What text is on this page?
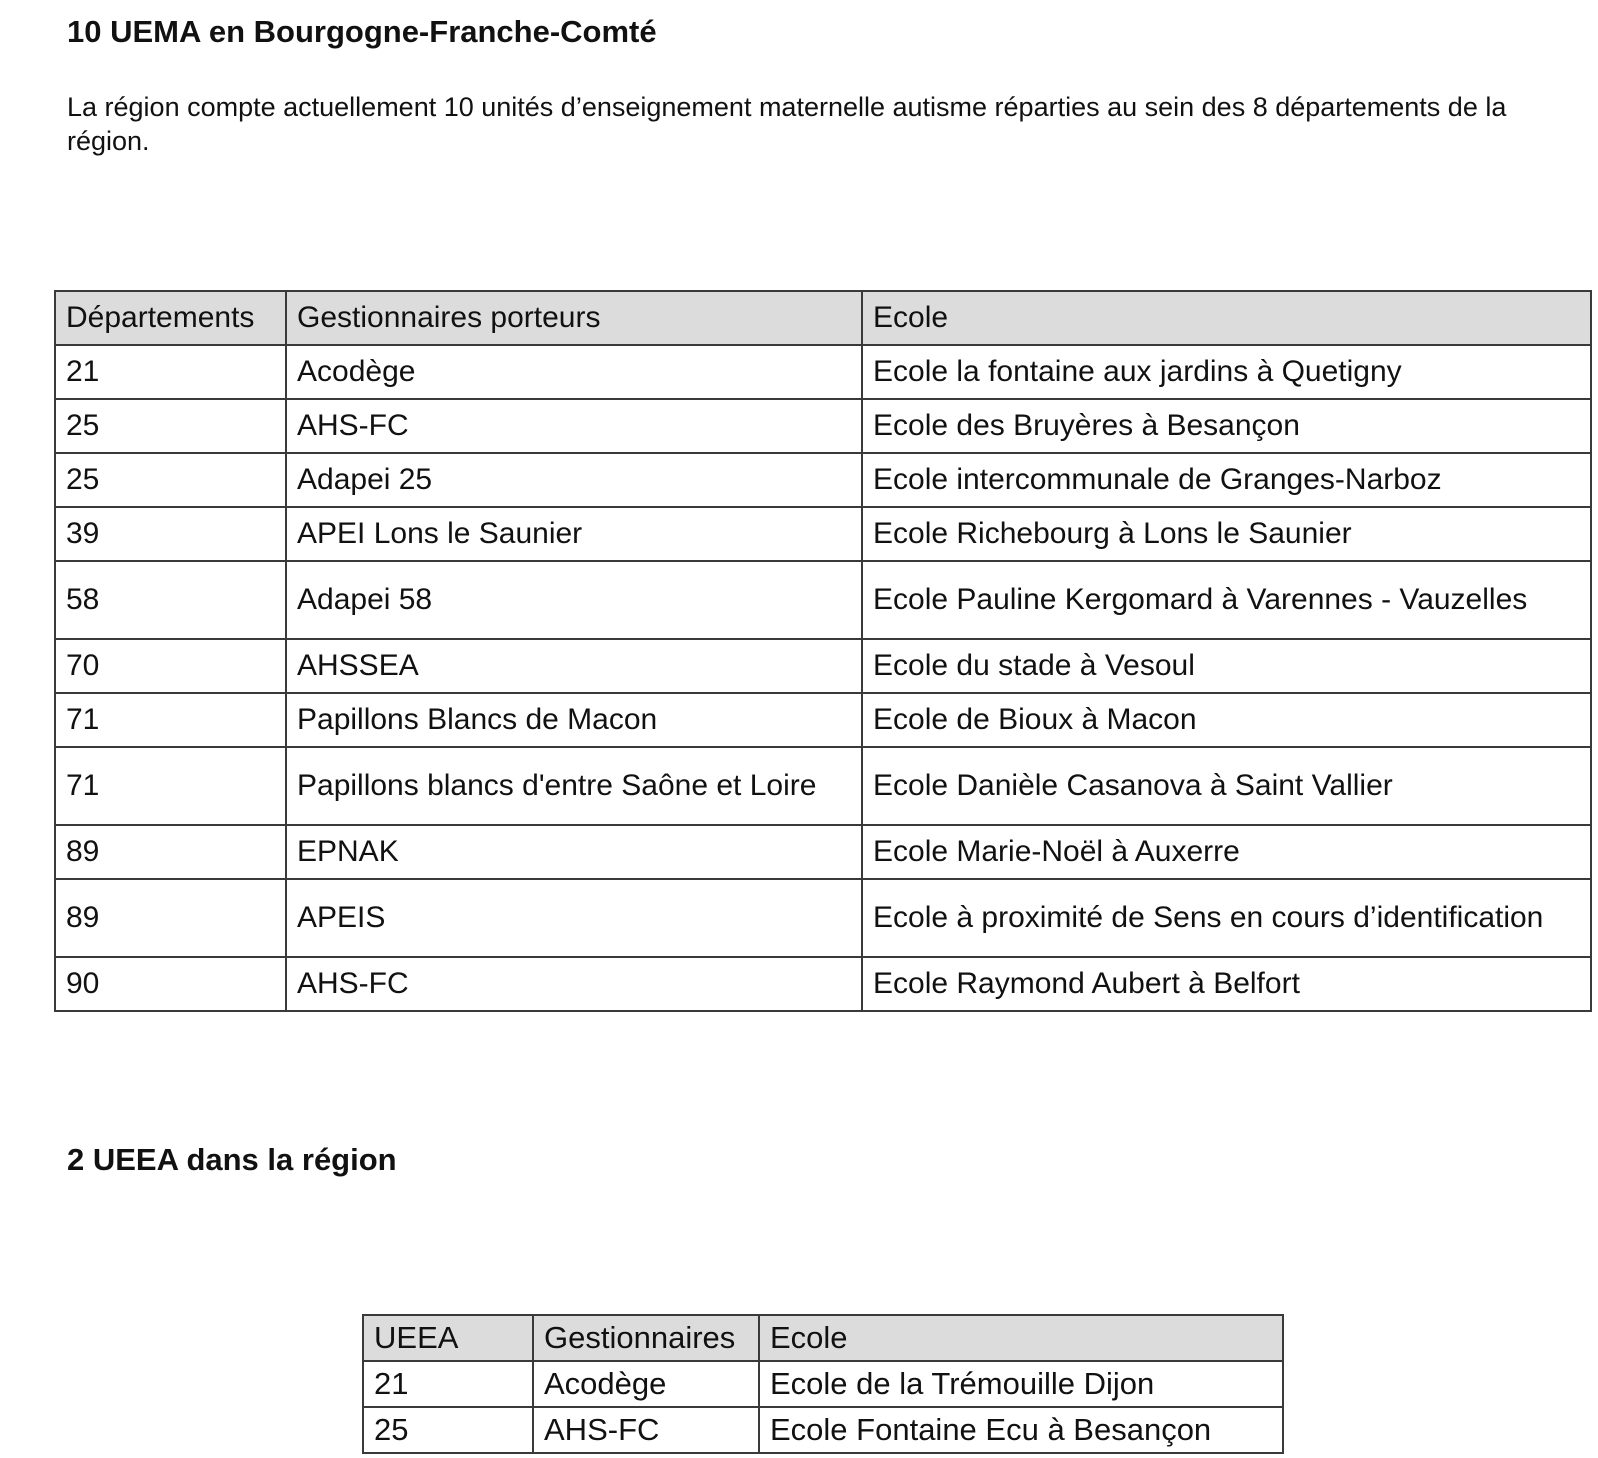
10 UEMA en Bourgogne-Franche-Comté

La région compte actuellement 10 unités d’enseignement maternelle autisme réparties au sein des 8 départements de la région.

Départements	Gestionnaires porteurs	Ecole
21	Acodège	Ecole la fontaine aux jardins à Quetigny
25	AHS-FC	Ecole des Bruyères à Besançon
25	Adapei 25	Ecole intercommunale de Granges-Narboz
39	APEI Lons le Saunier	Ecole Richebourg à Lons le Saunier
58	Adapei 58	Ecole Pauline Kergomard à Varennes - Vauzelles
70	AHSSEA	Ecole du stade à Vesoul
71	Papillons Blancs de Macon	Ecole de Bioux à Macon
71	Papillons blancs d'entre Saône et Loire	Ecole Danièle Casanova à Saint Vallier
89	EPNAK	Ecole Marie-Noël à Auxerre
89	APEIS	Ecole à proximité de Sens en cours d’identification
90	AHS-FC	Ecole Raymond Aubert à Belfort
2 UEEA dans la région
UEEA	Gestionnaires	Ecole
21	Acodège	Ecole de la Trémouille Dijon
25	AHS-FC	Ecole Fontaine Ecu à Besançon
